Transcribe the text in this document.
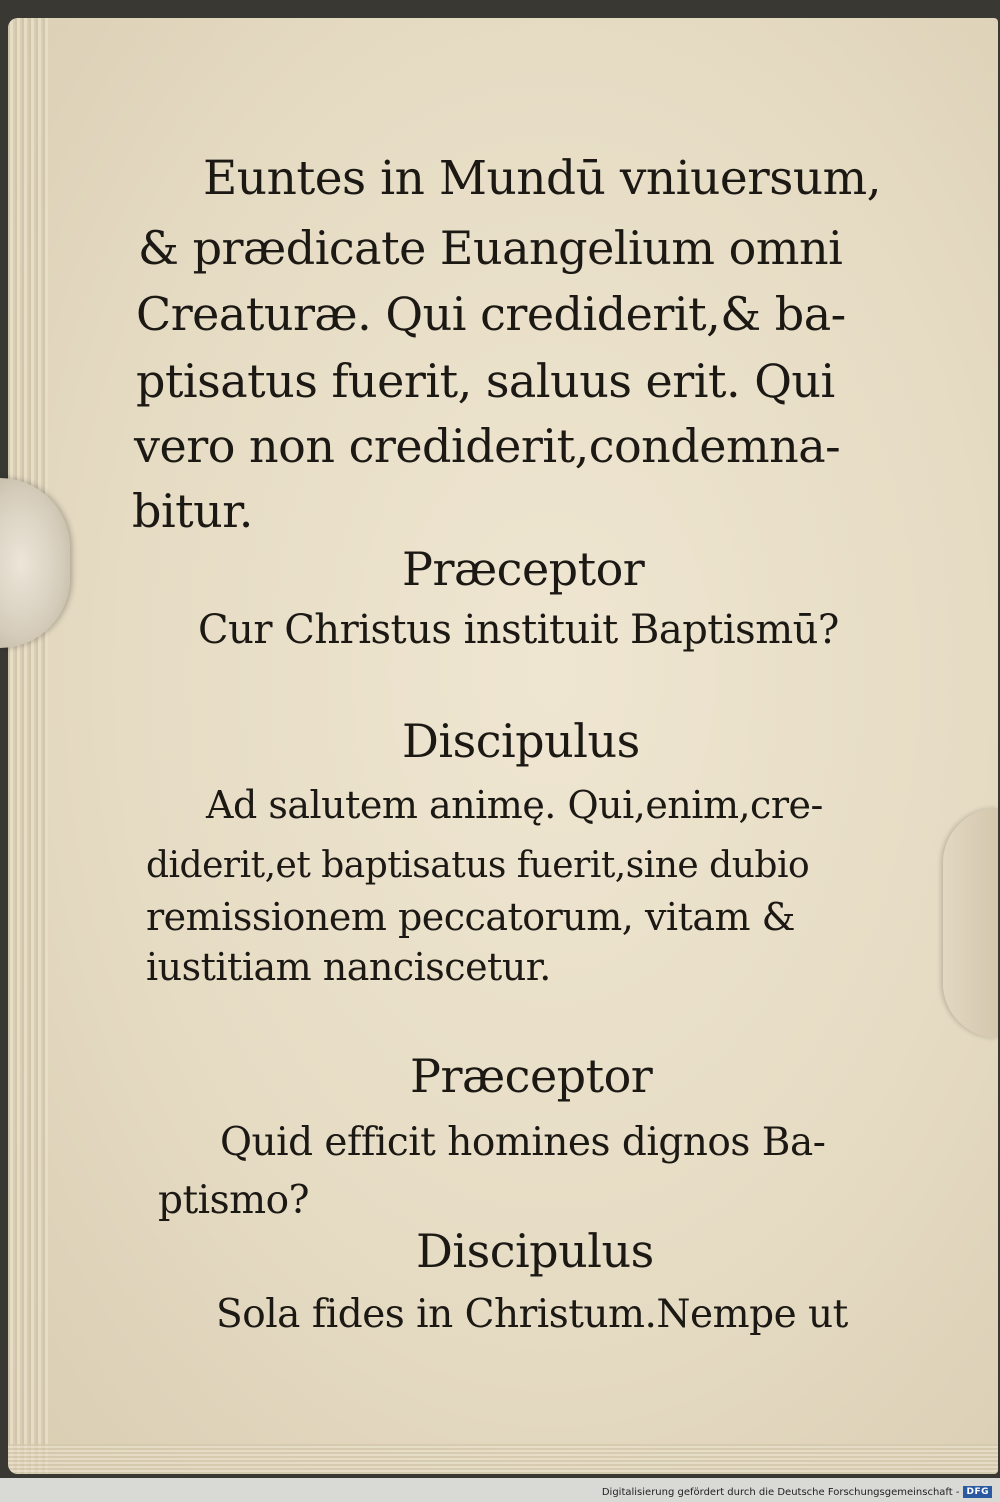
Euntes in Mundū vniuersum,
& prædicate Euangelium omni
Creaturæ. Qui crediderit,& ba-
ptisatus fuerit, saluus erit. Qui
vero non crediderit,condemna-
bitur.
Præceptor
Cur Christus instituit Baptismū?
Discipulus
Ad salutem animę. Qui,enim,cre-
diderit,et baptisatus fuerit,sine dubio
remissionem peccatorum, vitam &
iustitiam nanciscetur.
Præceptor
Quid efficit homines dignos Ba-
ptismo?
Discipulus
Sola fides in Christum.Nempe ut
Digitalisierung gefördert durch die Deutsche Forschungsgemeinschaft - DFG
